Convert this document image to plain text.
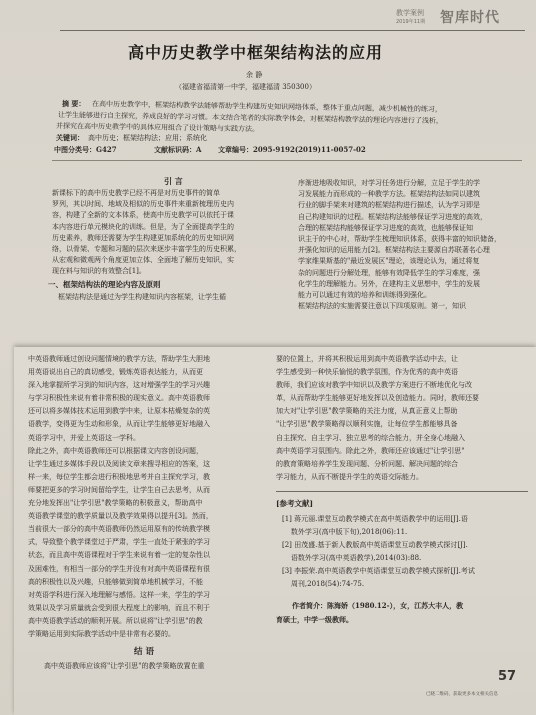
教学案例
2019年11期 智库时代
高中历史教学中框架结构法的应用
余 静
（福建省福清第一中学，福建福清 350300）
摘 要： 在高中历史教学中，框架结构教学法能够帮助学生构建历史知识网络体系，整体于重点问题，减少机械性的练习，
让学生能够进行自主探究，养成良好的学习习惯。本文结合笔者的实际教学体会，对框架结构教学法的理论内容进行了浅析，
并探究在高中历史教学中的具体应用组合了设计策略与实践方法。
关键词： 高中历史；框架结构法；应用；系统化
中图分类号：G427	文献标识码：A 文章编号：2095-9192(2019)11-0057-02
引 言
新课标下的高中历史教学已经不再是对历史事件的简单
罗列，其以时间、地域及相似的历史事件来重新梳理历史内
容，构建了全新的文本体系，使高中历史教学可以依托于课
本内容进行单元模块化的训练。但是，为了全面提高学生的
历史素养，教师还需要为学生构建更加系统化的历史知识网
络，以骨架、专题和习题的层次来逐步丰富学生的历史积累，
从宏观和微观两个角度更加立体、全面地了解历史知识，实
现在料与知识的有效整合[1]。
一、框架结构法的理论内容及原则
框架结构法是通过为学生构建知识内容框架，让学生循
序渐进地吸收知识，对学习任务进行分解，立足于学生的学
习发展能力而形成的一种教学方法。框架结构法如同以建筑
行业的脚手架来对建筑的框架结构进行描述，认为学习即是
自己构建知识的过程。框架结构法能够保证学习进度的高效，
合理的框架结构能够保证学习进度的高效，也能够保证知
识主于的中心对，帮助学生梳理知识体系，获得丰富的知识储备，
并强化知识的运用能力[2]。框架结构法主要源自苏联著名心理
学家维果斯基的"最近发展区"理论，该理论认为，通过将复
杂的问题进行分解处理，能够有效降低学生的学习难度，强
化学生的理解能力。另外，在建构主义思想中，学生的发展
能力可以通过有效的培养和训练得到强化。
框架结构法的实施需要注意以下四项原则。第一，知识
中英语教师通过创设问题情境的教学方法，帮助学生大胆地
用英语说出自己的真切感受，锻炼英语表达能力，从而更
深入地掌握所学习到的知识内容，这对增强学生的学习兴趣
与学习积极性来说有着非常积极的现实意义。高中英语教师
还可以将多媒体技术运用到教学中来，让原本枯燥复杂的英
语教学，变得更为生动和形象，从而让学生能够更好地融入
英语学习中，并爱上英语这一学科。
除此之外，高中英语教师还可以根据课文内容创设问题，
让学生通过多媒体手段以及阅读文章来搜寻相应的答案，这
样一来，每位学生都会进行积极地思考并自主探究学习，教
师要把更多的学习时间留给学生，让学生自己去思考，从而
充分地发挥出"让学引思"教学策略的积极意义，帮助高中
英语教学课堂的教学质量以及教学效果得以提升[3]。然而，
当前很大一部分的高中英语教师仍然运用原有的传统教学模
式，导致整个教学课堂过于严肃，学生一直处于紧张的学习
状态，而且高中英语课程对于学生来说有着一定的复杂性以
及困难性，有相当一部分的学生并没有对高中英语课程有很
高的积极性以及兴趣，只能够做到简单地机械学习，不能
对英语学科进行深入地理解与感悟。这样一来，学生的学习
效果以及学习质量就会受到很大程度上的影响，而且不利于
高中英语教学活动的顺利开展。所以说将"让学引思"的教
学策略运用到实际教学活动中是非常有必要的。
结 语
高中英语教师应该将"让学引思"的教学策略放置在重
要的位置上，并将其积极运用到高中英语教学活动中去，让
学生感受到一种快乐愉悦的教学氛围，作为优秀的高中英语
教师，我们应该对教学中知识以及教学方案进行不断地优化与改
革，从而帮助学生能够更好地发挥以及创造能力。同时，教师还要
加大对"让学引思"教学策略的关注力度，从真正意义上帮助
"让学引思"教学策略得以顺利实施，让每位学生都能够具备
自主探究、自主学习、独立思考的综合能力，并全身心地融入
高中英语学习氛围内。除此之外，教师还应该通过"让学引思"
的教育策略培养学生发现问题、分析问题、解决问题的综合
学习能力，从而不断提升学生的英语交际能力。
[参考文献]
[1] 蒋元丽.课堂互动教学模式在高中英语教学中的运用[J].语
数外学习(高中版下旬),2018(06):11.
[2] 田茂盛.基于新人教版高中英语课堂互动教学模式探讨[J].
语数外学习(高中英语教学),2014(03):88.
[3] 李振荣.高中英语教学中英语课堂互动教学模式探析[J].考试
周刊,2018(54):74-75.
作者简介：陈海娇（1980.12-），女，江苏大丰人，教
育硕士，中学一级教师。
57
已晓二维码，获取更多本文相关信息
